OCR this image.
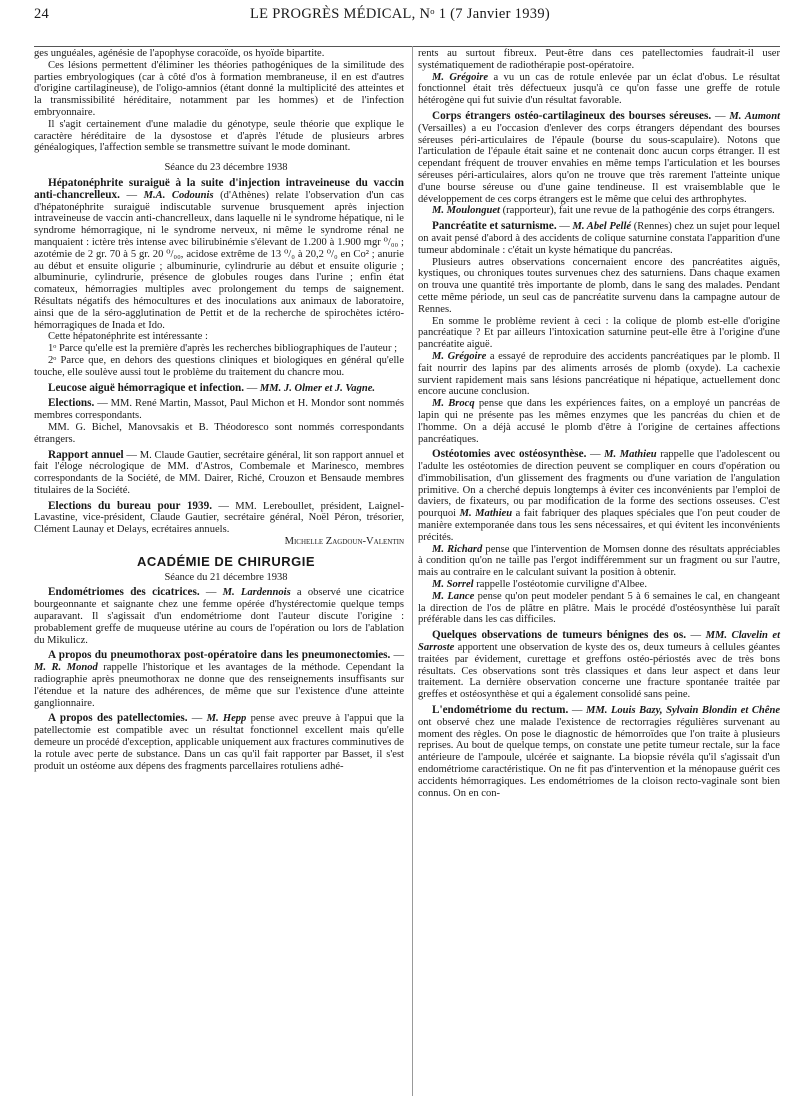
24	LE PROGRÈS MÉDICAL, Nᵒ 1 (7 Janvier 1939)

ges unguéales, agénésie de l'apophyse coracoïde, os hyoïde bipartite.

Ces lésions permettent d'éliminer les théories pathogéniques de la similitude des parties embryologiques (car à côté d'os à formation membraneuse, il en est d'autres d'origine cartilagineuse), de l'oligo-amnios (étant donné la multiplicité des atteintes et la transmissibilité héréditaire, notamment par les hommes) et de l'infection embryonnaire.

Il s'agit certainement d'une maladie du génotype, seule théorie que explique le caractère héréditaire de la dysostose et d'après l'étude de plusieurs arbres généalogiques, l'affection semble se transmettre suivant le mode dominant.

Séance du 23 décembre 1938

Hépatonéphrite suraiguë à la suite d'injection intraveineuse du vaccin anti-chancrelleux. — M.A. Codounis (d'Athènes) relate l'observation d'un cas d'hépatonéphrite suraiguë indiscutable survenue brusquement après injection intraveineuse de vaccin anti-chancrelleux, dans laquelle ni le syndrome hépatique, ni le syndrome hémorragique, ni le syndrome nerveux, ni même le syndrome rénal ne manquaient : ictère très intense avec bilirubinémie s'élevant de 1.200 à 1.900 mgr ⁰/₀₀ ; azotémie de 2 gr. 70 à 5 gr. 20 ⁰/₀₀, acidose extrême de 13 ⁰/₀ à 20,2 ⁰/₀ en Co² ; anurie au début et ensuite oligurie ; albuminurie, cylindrurie au début et ensuite oligurie ; albuminurie, cylindrurie, présence de globules rouges dans l'urine ; enfin état comateux, hémorragies multiples avec prolongement du temps de saignement. Résultats négatifs des hémocultures et des inoculations aux animaux de laboratoire, ainsi que de la séro-agglutination de Pettit et de la recherche de spirochètes ictéro-hémorragiques de Inada et Ido.

Cette hépatonéphrite est intéressante :

1ᵒ Parce qu'elle est la première d'après les recherches bibliographiques de l'auteur ;

2ᵒ Parce que, en dehors des questions cliniques et biologiques en général qu'elle touche, elle soulève aussi tout le problème du traitement du chancre mou.

Leucose aiguë hémorragique et infection. — MM. J. Olmer et J. Vagne.

Elections. — MM. René Martin, Massot, Paul Michon et H. Mondor sont nommés membres correspondants.

MM. G. Bichel, Manovsakis et B. Théodoresco sont nommés correspondants étrangers.

Rapport annuel — M. Claude Gautier, secrétaire général, lit son rapport annuel et fait l'éloge nécrologique de MM. d'Astros, Combemale et Marinesco, membres correspondants de la Société, de MM. Dairer, Riché, Crouzon et Bensaude membres titulaires de la Société.

Elections du bureau pour 1939. — MM. Lereboullet, président, Laignel-Lavastine, vice-président, Claude Gautier, secrétaire général, Noël Péron, trésorier, Clément Launay et Delays, ecrétaires annuels.

Michelle Zagdoun-Valentin

ACADÉMIE DE CHIRURGIE

Séance du 21 décembre 1938

Endométriomes des cicatrices. — M. Lardennois a observé une cicatrice bourgeonnante et saignante chez une femme opérée d'hystérectomie quelque temps auparavant. Il s'agissait d'un endométriome dont l'auteur discute l'origine : probablement greffe de muqueuse utérine au cours de l'opération ou lors de l'ablation du Mikulicz.

A propos du pneumothorax post-opératoire dans les pneumonectomies. — M. R. Monod rappelle l'historique et les avantages de la méthode. Cependant la radiographie après pneumothorax ne donne que des renseignements insuffisants sur l'étendue et la nature des adhérences, de même que sur l'existence d'une atteinte ganglionnaire.

A propos des patellectomies. — M. Hepp pense avec preuve à l'appui que la patellectomie est compatible avec un résultat fonctionnel excellent mais qu'elle demeure un procédé d'exception, applicable uniquement aux fractures comminutives de la rotule avec perte de substance. Dans un cas qu'il fait rapporter par Basset, il s'est produit un ostéome aux dépens des fragments parcellaires rotuliens adhé-

rents au surtout fibreux. Peut-être dans ces patellectomies faudrait-il user systématiquement de radiothérapie post-opératoire.

M. Grégoire a vu un cas de rotule enlevée par un éclat d'obus. Le résultat fonctionnel était très défectueux jusqu'à ce qu'on fasse une greffe de rotule hétérogène qui fut suivie d'un résultat favorable.

Corps étrangers ostéo-cartilagineux des bourses séreuses. — M. Aumont (Versailles) a eu l'occasion d'enlever des corps étrangers dépendant des bourses séreuses péri-articulaires de l'épaule (bourse du sous-scapulaire). Notons que l'articulation de l'épaule était saine et ne contenait donc aucun corps étranger. Il est cependant fréquent de trouver envahies en même temps l'articulation et les bourses séreuses péri-articulaires, alors qu'on ne trouve que très rarement l'atteinte unique d'une bourse séreuse ou d'une gaine tendineuse. Il est vraisemblable que le développement de ces corps étrangers est le même que celui des arthrophytes.

M. Moulonguet (rapporteur), fait une revue de la pathogénie des corps étrangers.

Pancréatite et saturnisme. — M. Abel Pellé (Rennes) chez un sujet pour lequel on avait pensé d'abord à des accidents de colique saturnine constata l'apparition d'une tumeur abdominale : c'était un kyste hématique du pancréas.

Plusieurs autres observations concernaient encore des pancréatites aiguës, kystiques, ou chroniques toutes survenues chez des saturniens. Dans chaque examen on trouva une quantité très importante de plomb, dans le sang des malades. Pendant cette même période, un seul cas de pancréatite survenu dans la campagne autour de Rennes.

En somme le problème revient à ceci : la colique de plomb est-elle d'origine pancréatique ? Et par ailleurs l'intoxication saturnine peut-elle être à l'origine d'une pancréatite aiguë.

M. Grégoire a essayé de reproduire des accidents pancréatiques par le plomb. Il fait nourrir des lapins par des aliments arrosés de plomb (oxyde). La cachexie survient rapidement mais sans lésions pancréatique ni hépatique, actuellement donc encore aucune conclusion.

M. Brocq pense que dans les expériences faites, on a employé un pancréas de lapin qui ne présente pas les mêmes enzymes que les pancréas du chien et de l'homme. On a déjà accusé le plomb d'être à l'origine de certaines affections pancréatiques.

Ostéotomies avec ostéosynthèse. — M. Mathieu rappelle que l'adolescent ou l'adulte les ostéotomies de direction peuvent se compliquer en cours d'opération ou d'immobilisation, d'un glissement des fragments ou d'une variation de l'angulation primitive. On a cherché depuis longtemps à éviter ces inconvénients par l'emploi de daviers, de fixateurs, ou par modification de la forme des sections osseuses. C'est pourquoi M. Mathieu a fait fabriquer des plaques spéciales que l'on peut couder de manière extemporanée dans tous les sens nécessaires, et qui évitent les inconvénients précités.

M. Richard pense que l'intervention de Momsen donne des résultats appréciables à condition qu'on ne taille pas l'ergot indifféremment sur un fragment ou sur l'autre, mais au contraire en le calculant suivant la position à obtenir.

M. Sorrel rappelle l'ostéotomie curviligne d'Albee.

M. Lance pense qu'on peut modeler pendant 5 à 6 semaines le cal, en changeant la direction de l'os de plâtre en plâtre. Mais le procédé d'ostéosynthèse lui paraît préférable dans les cas difficiles.

Quelques observations de tumeurs bénignes des os. — MM. Clavelin et Sarroste apportent une observation de kyste des os, deux tumeurs à cellules géantes traitées par évidement, curettage et greffons ostéo-périostés avec de très bons résultats. Ces observations sont très classiques et dans leur aspect et dans leur traitement. La dernière observation concerne une fracture spontanée traitée par greffes et ostéosynthèse et qui a également consolidé sans peine.

L'endométriome du rectum. — MM. Louis Bazy, Sylvain Blondin et Chêne ont observé chez une malade l'existence de rectorragies régulières survenant au moment des règles. On pose le diagnostic de hémorroïdes que l'on traite à plusieurs reprises. Au bout de quelque temps, on constate une petite tumeur rectale, sur la face antérieure de l'ampoule, ulcérée et saignante. La biopsie révéla qu'il s'agissait d'un endométriome caractéristique. On ne fit pas d'intervention et la ménopause guérit ces accidents hémorragiques. Les endométriomes de la cloison recto-vaginale sont bien connus. On en con-
